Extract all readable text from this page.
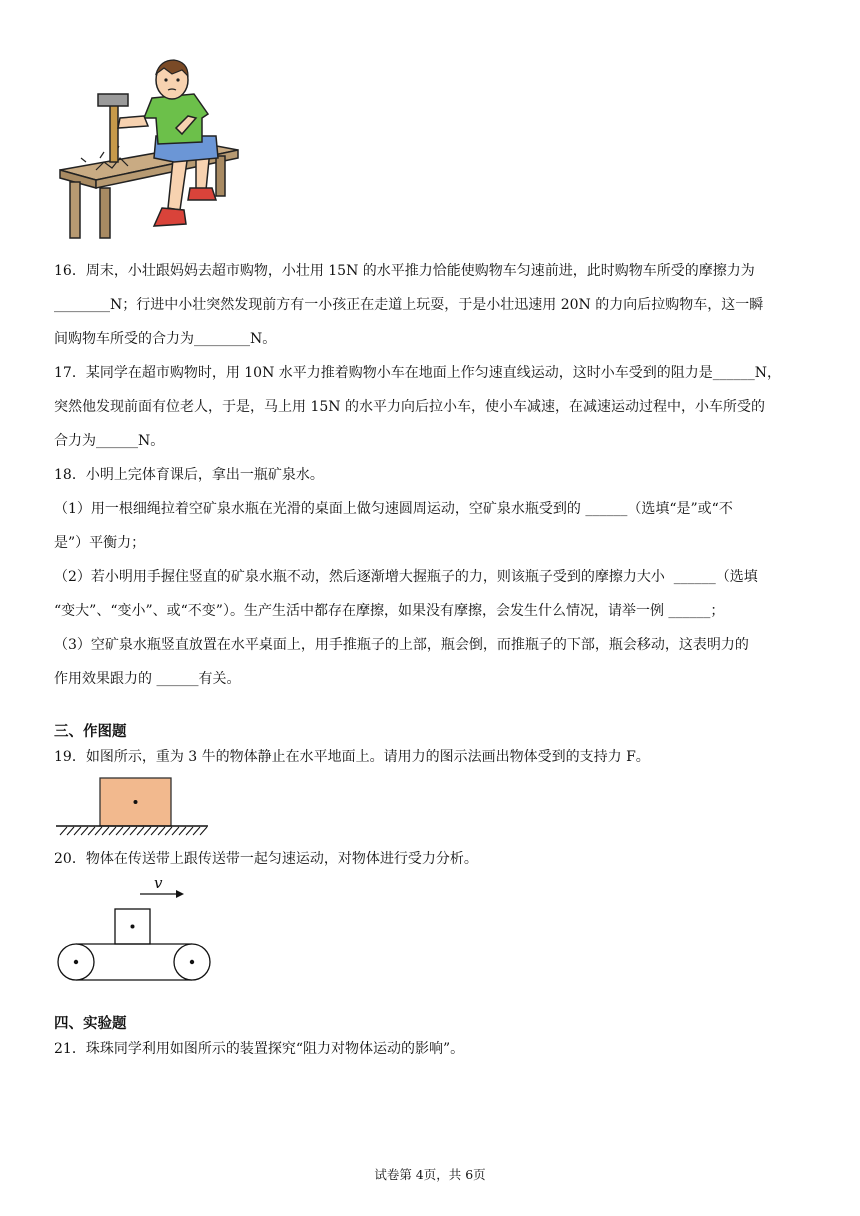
16．周末，小壮跟妈妈去超市购物，小壮用 15N 的水平推力恰能使购物车匀速前进，此时购物车所受的摩擦力为
________N；行进中小壮突然发现前方有一小孩正在走道上玩耍，于是小壮迅速用 20N 的力向后拉购物车，这一瞬
间购物车所受的合力为________N。

17．某同学在超市购物时，用 10N 水平力推着购物小车在地面上作匀速直线运动，这时小车受到的阻力是______N，
突然他发现前面有位老人，于是，马上用 15N 的水平力向后拉小车，使小车减速，在减速运动过程中，小车所受的
合力为______N。

18．小明上完体育课后，拿出一瓶矿泉水。
（1）用一根细绳拉着空矿泉水瓶在光滑的桌面上做匀速圆周运动，空矿泉水瓶受到的 ______（选填“是”或“不
是”）平衡力；
（2）若小明用手握住竖直的矿泉水瓶不动，然后逐渐增大握瓶子的力，则该瓶子受到的摩擦力大小  ______（选填
“变大”、“变小”、或“不变”）。生产生活中都存在摩擦，如果没有摩擦，会发生什么情况，请举一例 ______；
（3）空矿泉水瓶竖直放置在水平桌面上，用手推瓶子的上部，瓶会倒，而推瓶子的下部，瓶会移动，这表明力的
作用效果跟力的 ______有关。

三、作图题

19．如图所示，重为 3 牛的物体静止在水平地面上。请用力的图示法画出物体受到的支持力 F。

20．物体在传送带上跟传送带一起匀速运动，对物体进行受力分析。

v

四、实验题

21．珠珠同学利用如图所示的装置探究“阻力对物体运动的影响”。

试卷第 4页，共 6页
